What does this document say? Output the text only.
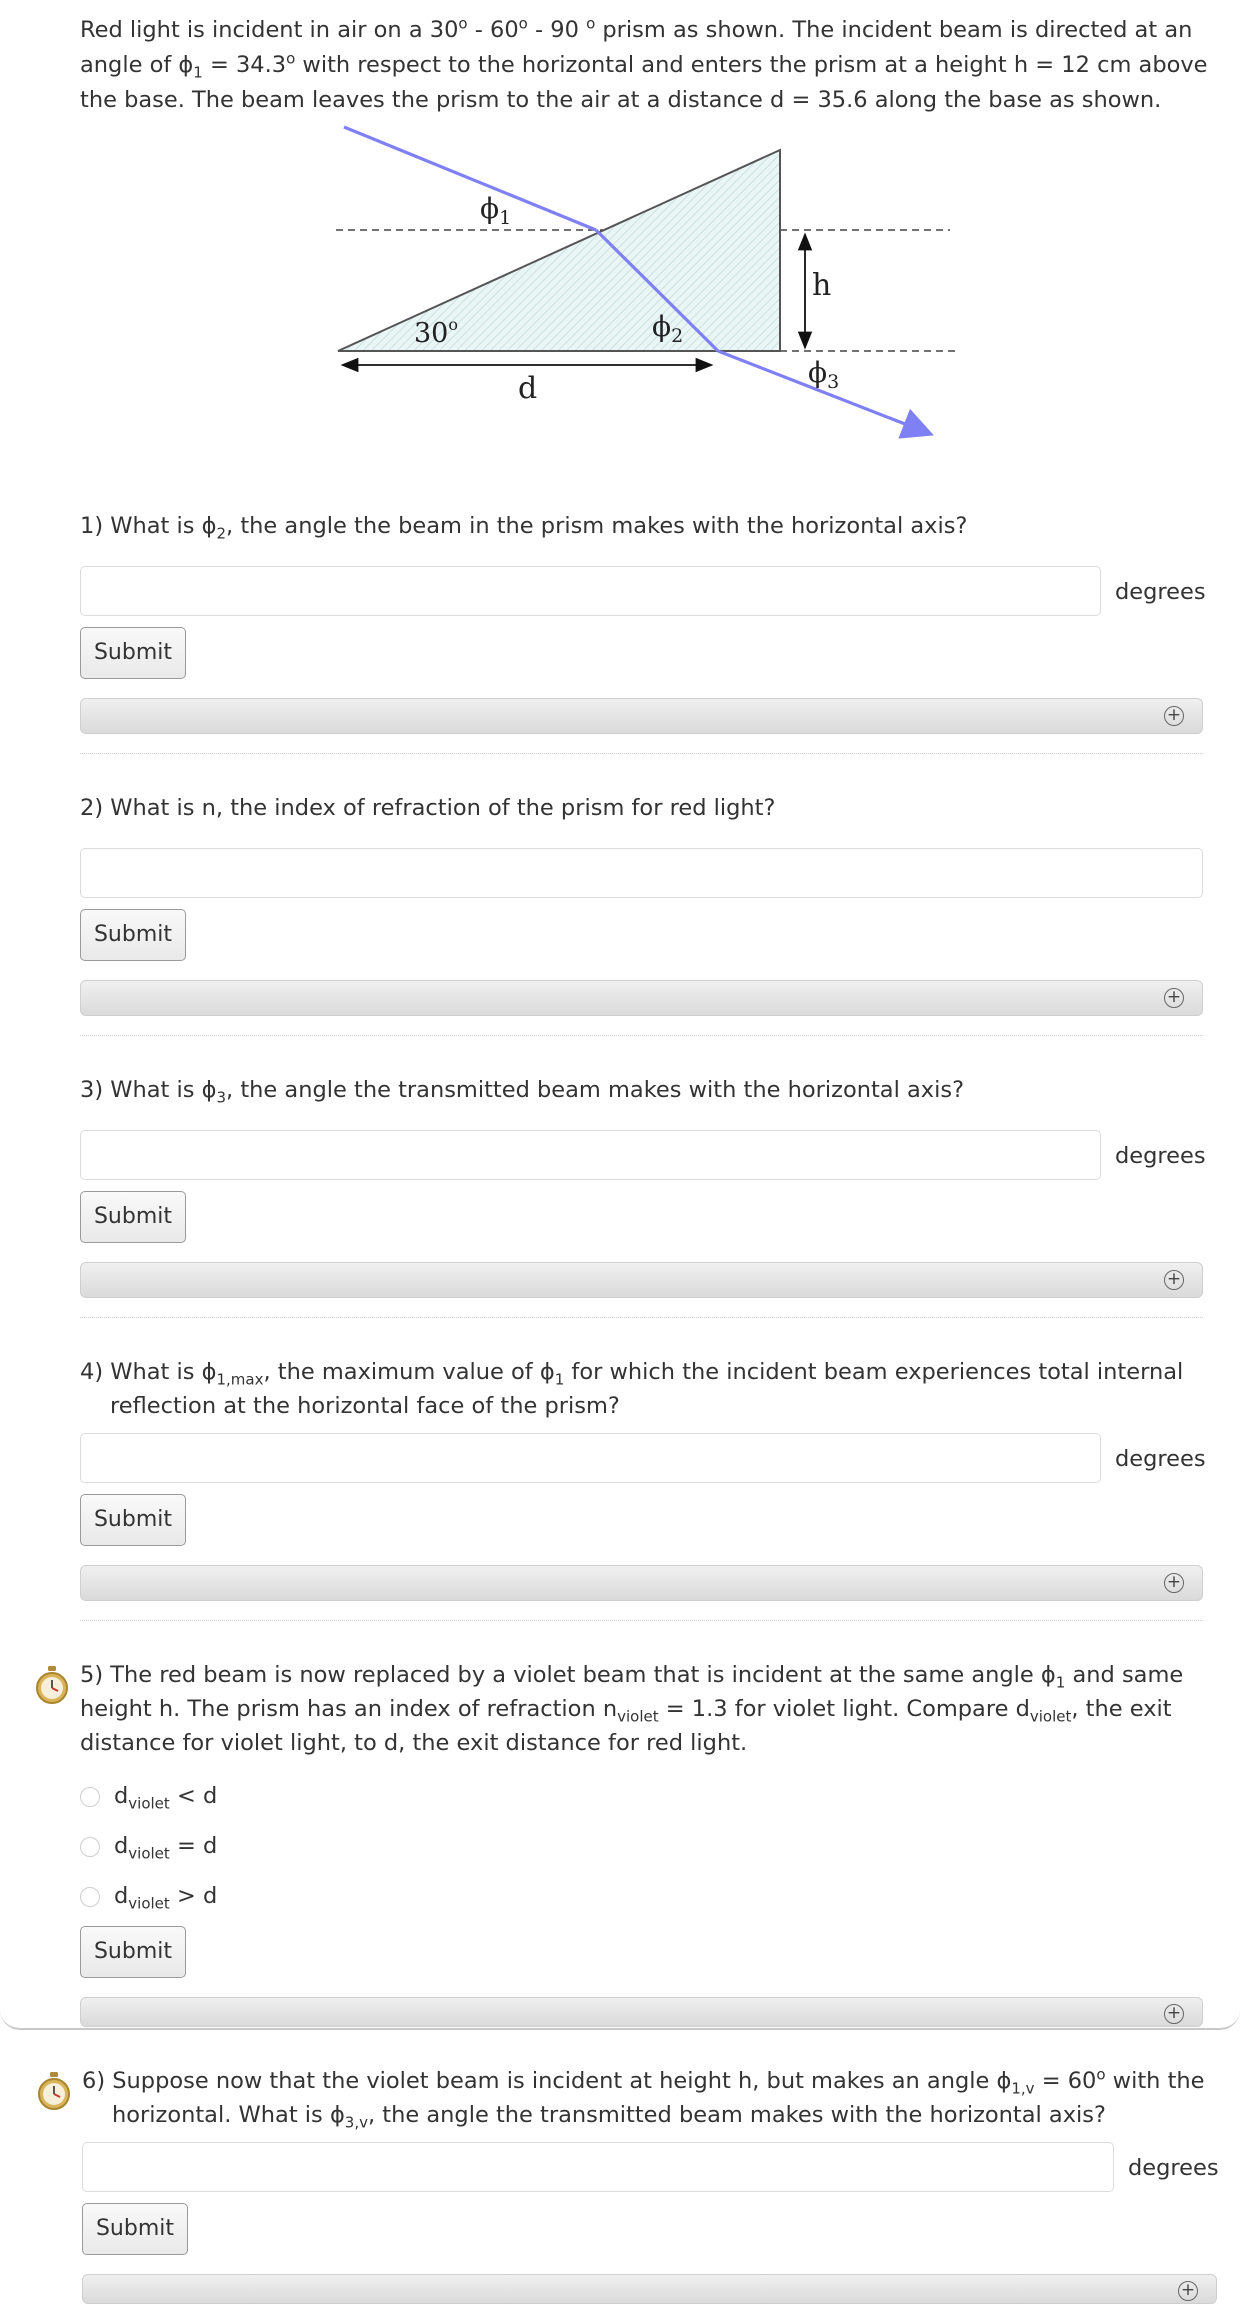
Red light is incident in air on a 30$^o$ - 60$^o$ - 90 $^o$ prism as shown. The incident beam is directed at an angle of $\phi_1 = 34.3^o$ with respect to the horizontal and enters the prism at a height h = 12 cm above the base. The beam leaves the prism to the air at a distance d = 35.6 along the base as shown.
$\phi_1$
30$^o$	$\phi_2$
$\phi_3$
h
d
1) What is $\phi_2$, the angle the beam in the prism makes with the horizontal axis?
degrees
Submit
+
2) What is n, the index of refraction of the prism for red light?
Submit
+
3) What is $\phi_3$, the angle the transmitted beam makes with the horizontal axis?
degrees
Submit
+
4) What is $\phi_{1,max}$, the maximum value of $\phi_1$ for which the incident beam experiences total internal reflection at the horizontal face of the prism?
degrees
Submit
+
5) The red beam is now replaced by a violet beam that is incident at the same angle $\phi_1$ and same height h. The prism has an index of refraction $n_{violet} = 1.3$ for violet light. Compare $d_{violet}$, the exit distance for violet light, to d, the exit distance for red light.
$d_{violet} < d$
$d_{violet} = d$
$d_{violet} > d$
Submit
+
6) Suppose now that the violet beam is incident at height h, but makes an angle $\phi_{1,v} = 60^o$ with the horizontal. What is $\phi_{3,v}$, the angle the transmitted beam makes with the horizontal axis?
degrees
Submit
+
